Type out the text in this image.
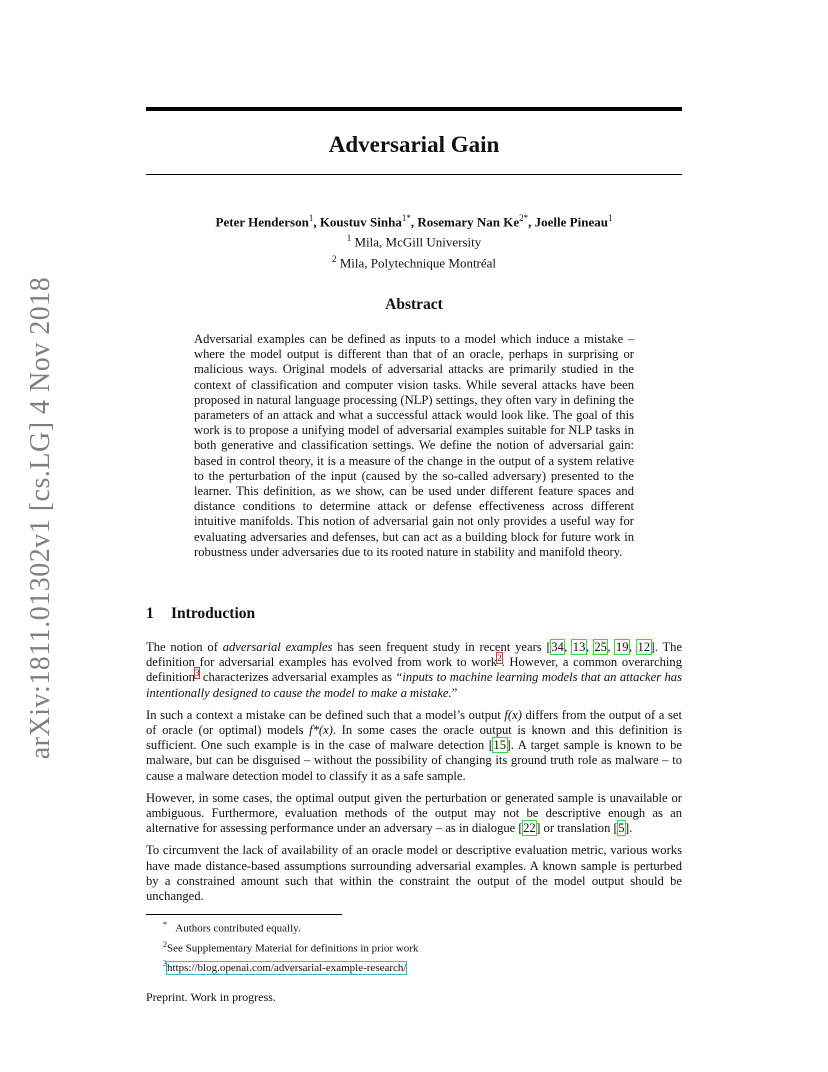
arXiv:1811.01302v1 [cs.LG] 4 Nov 2018
Adversarial Gain
Peter Henderson$^1$, Koustuv Sinha$^{1*}$, Rosemary Nan $Ke^{2*}$, Joelle Pineau$^1$
$^1$ Mila, McGill University
$^2$ Mila, Polytechnique Montréal
Abstract
Adversarial examples can be defined as inputs to a model which induce a mistake – where the model output is different than that of an oracle, perhaps in surprising or malicious ways. Original models of adversarial attacks are primarily studied in the context of classification and computer vision tasks. While several attacks have been proposed in natural language processing (NLP) settings, they often vary in defining the parameters of an attack and what a successful attack would look like. The goal of this work is to propose a unifying model of adversarial examples suitable for NLP tasks in both generative and classification settings. We define the notion of adversarial gain: based in control theory, it is a measure of the change in the output of a system relative to the perturbation of the input (caused by the so-called adversary) presented to the learner. This definition, as we show, can be used under different feature spaces and distance conditions to determine attack or defense effectiveness across different intuitive manifolds. This notion of adversarial gain not only provides a useful way for evaluating adversaries and defenses, but can act as a building block for future work in robustness under adversaries due to its rooted nature in stability and manifold theory.
1 Introduction

The notion of adversarial examples has seen frequent study in recent years [34, 13, 25, 19, 12]. The definition for adversarial examples has evolved from work to work$^2$. However, a common overarching definition$^3$ characterizes adversarial examples as “inputs to machine learning models that an attacker has intentionally designed to cause the model to make a mistake.”

In such a context a mistake can be defined such that a model’s output f(x) differs from the output of a set of oracle (or optimal) models f*(x). In some cases the oracle output is known and this definition is sufficient. One such example is in the case of malware detection [15]. A target sample is known to be malware, but can be disguised – without the possibility of changing its ground truth role as malware – to cause a malware detection model to classify it as a safe sample.

However, in some cases, the optimal output given the perturbation or generated sample is unavailable or ambiguous. Furthermore, evaluation methods of the output may not be descriptive enough as an alternative for assessing performance under an adversary – as in dialogue [22] or translation [5].

To circumvent the lack of availability of an oracle model or descriptive evaluation metric, various works have made distance-based assumptions surrounding adversarial examples. A known sample is perturbed by a constrained amount such that within the constraint the output of the model output should be unchanged.

* Authors contributed equally.
$^2$See Supplementary Material for definitions in prior work
$^3$https://blog.openai.com/adversarial-example-research/
Preprint. Work in progress.
